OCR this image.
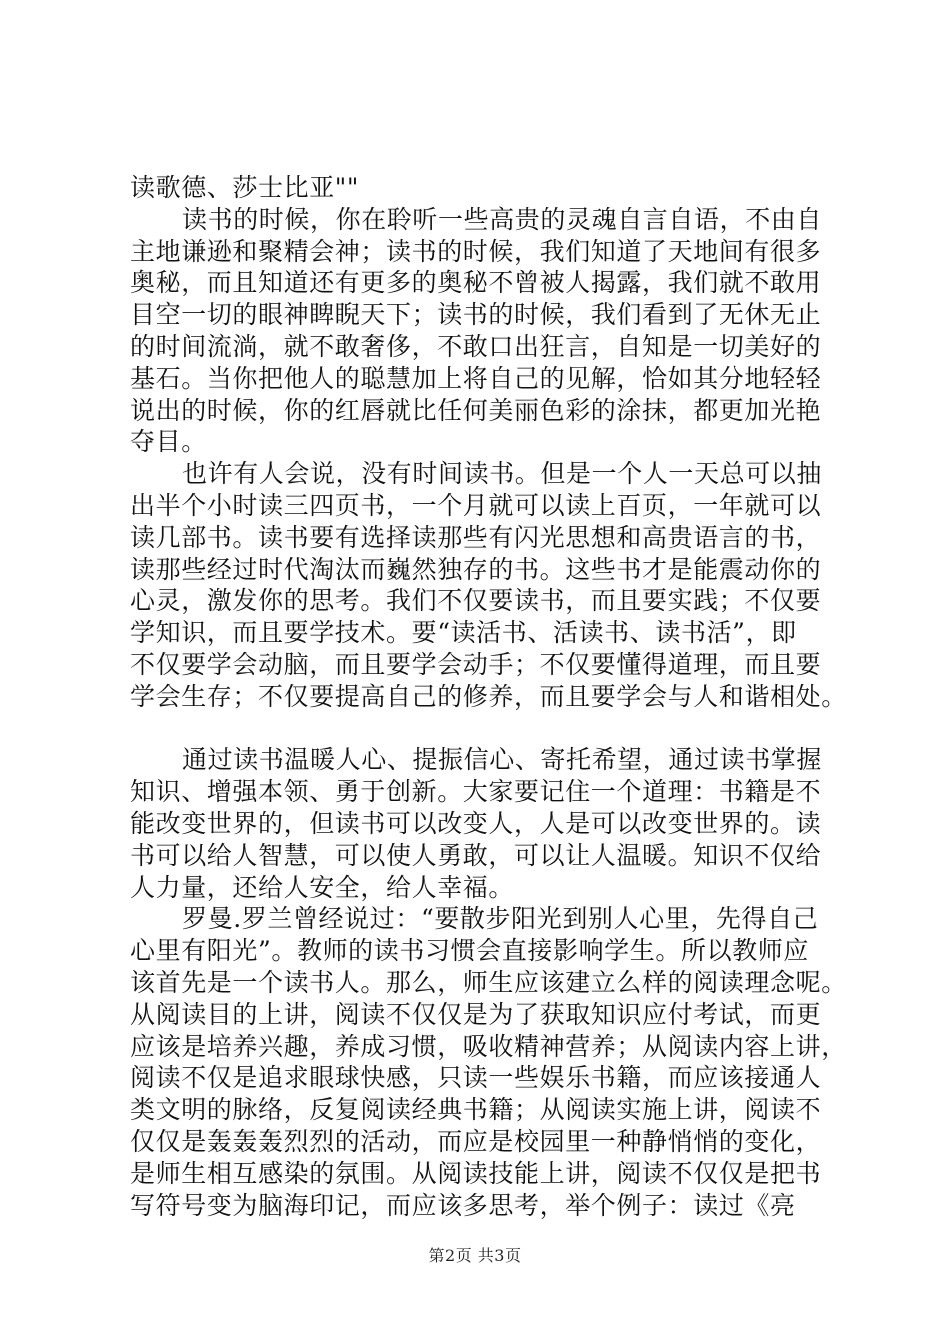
读歌德、莎士比亚""
读书的时候，你在聆听一些高贵的灵魂自言自语，不由自
主地谦逊和聚精会神；读书的时候，我们知道了天地间有很多
奥秘，而且知道还有更多的奥秘不曾被人揭露，我们就不敢用
目空一切的眼神睥睨天下；读书的时候，我们看到了无休无止
的时间流淌，就不敢奢侈，不敢口出狂言，自知是一切美好的
基石。当你把他人的聪慧加上将自己的见解，恰如其分地轻轻
说出的时候，你的红唇就比任何美丽色彩的涂抹，都更加光艳
夺目。
也许有人会说，没有时间读书。但是一个人一天总可以抽
出半个小时读三四页书，一个月就可以读上百页，一年就可以
读几部书。读书要有选择读那些有闪光思想和高贵语言的书，
读那些经过时代淘汰而巍然独存的书。这些书才是能震动你的
心灵，激发你的思考。我们不仅要读书，而且要实践；不仅要
学知识，而且要学技术。要“读活书、活读书、读书活”，即
不仅要学会动脑，而且要学会动手；不仅要懂得道理，而且要
学会生存；不仅要提高自己的修养，而且要学会与人和谐相处。
通过读书温暖人心、提振信心、寄托希望，通过读书掌握
知识、增强本领、勇于创新。大家要记住一个道理：书籍是不
能改变世界的，但读书可以改变人，人是可以改变世界的。读
书可以给人智慧，可以使人勇敢，可以让人温暖。知识不仅给
人力量，还给人安全，给人幸福。
罗曼.罗兰曾经说过：“要散步阳光到别人心里，先得自己
心里有阳光”。教师的读书习惯会直接影响学生。所以教师应
该首先是一个读书人。那么，师生应该建立么样的阅读理念呢。
从阅读目的上讲，阅读不仅仅是为了获取知识应付考试，而更
应该是培养兴趣，养成习惯，吸收精神营养；从阅读内容上讲，
阅读不仅是追求眼球快感，只读一些娱乐书籍，而应该接通人
类文明的脉络，反复阅读经典书籍；从阅读实施上讲，阅读不
仅仅是轰轰轰烈烈的活动，而应是校园里一种静悄悄的变化，
是师生相互感染的氛围。从阅读技能上讲，阅读不仅仅是把书
写符号变为脑海印记，而应该多思考，举个例子：读过《亮
第2页 共3页
